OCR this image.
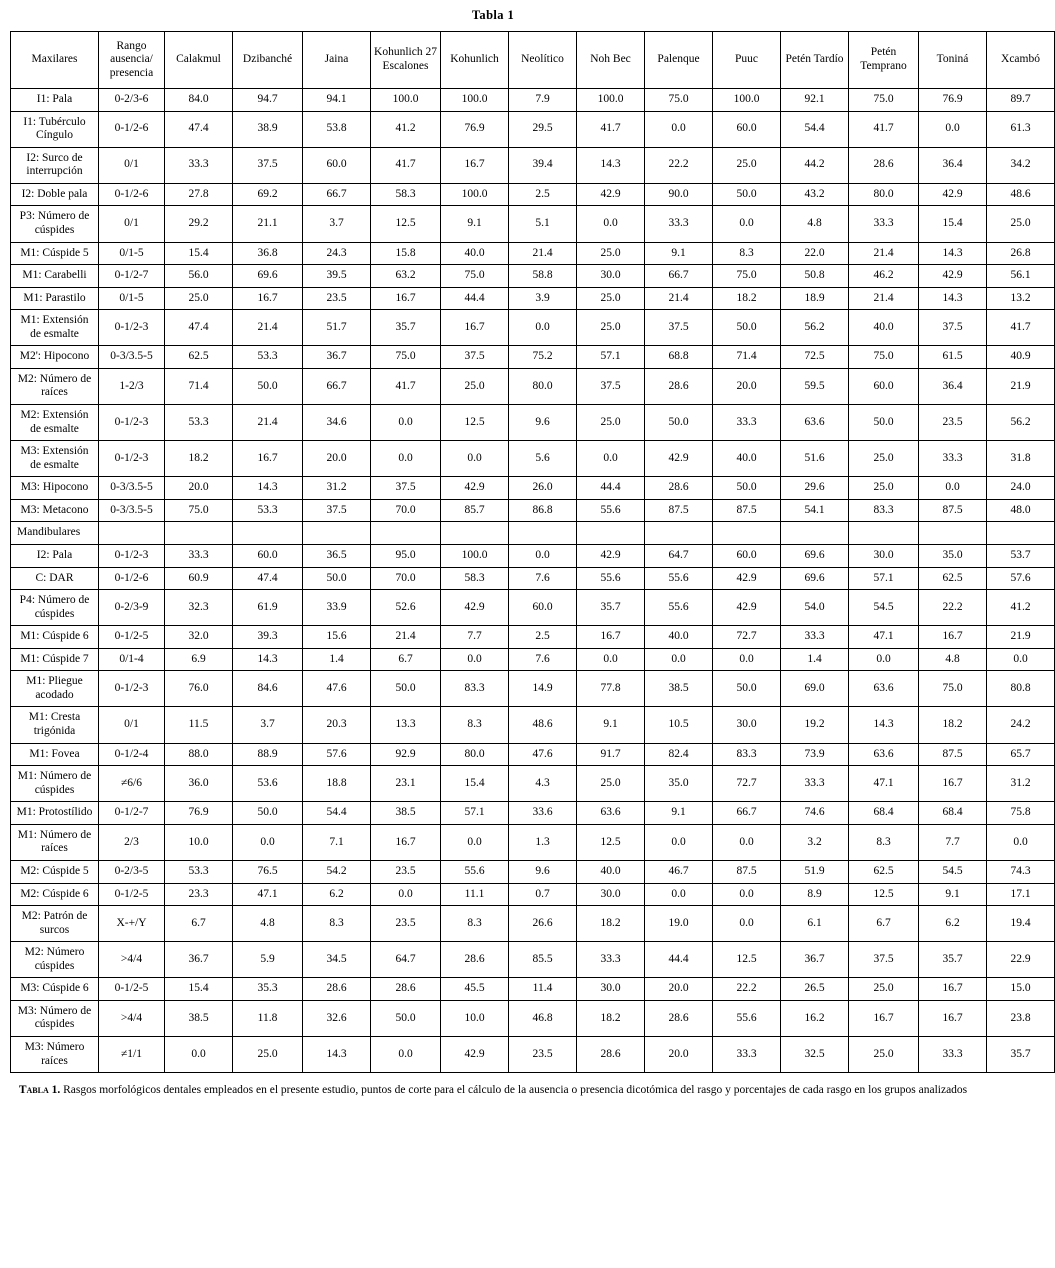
Tabla 1
Maxilares	Rango ausencia/ presencia	Calakmul	Dzibanché	Jaina	Kohunlich 27 Escalones	Kohunlich	Neolítico	Noh Bec	Palenque	Puuc	Petén Tardío	Petén Temprano	Toniná	Xcambó
I1: Pala	0-2/3-6	84.0	94.7	94.1	100.0	100.0	7.9	100.0	75.0	100.0	92.1	75.0	76.9	89.7
I1: Tubérculo Cíngulo	0-1/2-6	47.4	38.9	53.8	41.2	76.9	29.5	41.7	0.0	60.0	54.4	41.7	0.0	61.3
I2: Surco de interrupción	0/1	33.3	37.5	60.0	41.7	16.7	39.4	14.3	22.2	25.0	44.2	28.6	36.4	34.2
I2: Doble pala	0-1/2-6	27.8	69.2	66.7	58.3	100.0	2.5	42.9	90.0	50.0	43.2	80.0	42.9	48.6
P3: Número de cúspides	0/1	29.2	21.1	3.7	12.5	9.1	5.1	0.0	33.3	0.0	4.8	33.3	15.4	25.0
M1: Cúspide 5	0/1-5	15.4	36.8	24.3	15.8	40.0	21.4	25.0	9.1	8.3	22.0	21.4	14.3	26.8
M1: Carabelli	0-1/2-7	56.0	69.6	39.5	63.2	75.0	58.8	30.0	66.7	75.0	50.8	46.2	42.9	56.1
M1: Parastilo	0/1-5	25.0	16.7	23.5	16.7	44.4	3.9	25.0	21.4	18.2	18.9	21.4	14.3	13.2
M1: Extensión de esmalte	0-1/2-3	47.4	21.4	51.7	35.7	16.7	0.0	25.0	37.5	50.0	56.2	40.0	37.5	41.7
M2': Hipocono	0-3/3.5-5	62.5	53.3	36.7	75.0	37.5	75.2	57.1	68.8	71.4	72.5	75.0	61.5	40.9
M2: Número de raíces	1-2/3	71.4	50.0	66.7	41.7	25.0	80.0	37.5	28.6	20.0	59.5	60.0	36.4	21.9
M2: Extensión de esmalte	0-1/2-3	53.3	21.4	34.6	0.0	12.5	9.6	25.0	50.0	33.3	63.6	50.0	23.5	56.2
M3: Extensión de esmalte	0-1/2-3	18.2	16.7	20.0	0.0	0.0	5.6	0.0	42.9	40.0	51.6	25.0	33.3	31.8
M3: Hipocono	0-3/3.5-5	20.0	14.3	31.2	37.5	42.9	26.0	44.4	28.6	50.0	29.6	25.0	0.0	24.0
M3: Metacono	0-3/3.5-5	75.0	53.3	37.5	70.0	85.7	86.8	55.6	87.5	87.5	54.1	83.3	87.5	48.0
Mandibulares														
I2: Pala	0-1/2-3	33.3	60.0	36.5	95.0	100.0	0.0	42.9	64.7	60.0	69.6	30.0	35.0	53.7
C: DAR	0-1/2-6	60.9	47.4	50.0	70.0	58.3	7.6	55.6	55.6	42.9	69.6	57.1	62.5	57.6
P4: Número de cúspides	0-2/3-9	32.3	61.9	33.9	52.6	42.9	60.0	35.7	55.6	42.9	54.0	54.5	22.2	41.2
M1: Cúspide 6	0-1/2-5	32.0	39.3	15.6	21.4	7.7	2.5	16.7	40.0	72.7	33.3	47.1	16.7	21.9
M1: Cúspide 7	0/1-4	6.9	14.3	1.4	6.7	0.0	7.6	0.0	0.0	0.0	1.4	0.0	4.8	0.0
M1: Pliegue acodado	0-1/2-3	76.0	84.6	47.6	50.0	83.3	14.9	77.8	38.5	50.0	69.0	63.6	75.0	80.8
M1: Cresta trigónida	0/1	11.5	3.7	20.3	13.3	8.3	48.6	9.1	10.5	30.0	19.2	14.3	18.2	24.2
M1: Fovea	0-1/2-4	88.0	88.9	57.6	92.9	80.0	47.6	91.7	82.4	83.3	73.9	63.6	87.5	65.7
M1: Número de cúspides	≠6/6	36.0	53.6	18.8	23.1	15.4	4.3	25.0	35.0	72.7	33.3	47.1	16.7	31.2
M1: Protostílido	0-1/2-7	76.9	50.0	54.4	38.5	57.1	33.6	63.6	9.1	66.7	74.6	68.4	68.4	75.8
M1: Número de raíces	2/3	10.0	0.0	7.1	16.7	0.0	1.3	12.5	0.0	0.0	3.2	8.3	7.7	0.0
M2: Cúspide 5	0-2/3-5	53.3	76.5	54.2	23.5	55.6	9.6	40.0	46.7	87.5	51.9	62.5	54.5	74.3
M2: Cúspide 6	0-1/2-5	23.3	47.1	6.2	0.0	11.1	0.7	30.0	0.0	0.0	8.9	12.5	9.1	17.1
M2: Patrón de surcos	X-+/Y	6.7	4.8	8.3	23.5	8.3	26.6	18.2	19.0	0.0	6.1	6.7	6.2	19.4
M2: Número cúspides	>4/4	36.7	5.9	34.5	64.7	28.6	85.5	33.3	44.4	12.5	36.7	37.5	35.7	22.9
M3: Cúspide 6	0-1/2-5	15.4	35.3	28.6	28.6	45.5	11.4	30.0	20.0	22.2	26.5	25.0	16.7	15.0
M3: Número de cúspides	>4/4	38.5	11.8	32.6	50.0	10.0	46.8	18.2	28.6	55.6	16.2	16.7	16.7	23.8
M3: Número raíces	≠1/1	0.0	25.0	14.3	0.0	42.9	23.5	28.6	20.0	33.3	32.5	25.0	33.3	35.7
Tabla 1. Rasgos morfológicos dentales empleados en el presente estudio, puntos de corte para el cálculo de la ausencia o presencia dicotómica del rasgo y porcentajes de cada rasgo en los grupos analizados
